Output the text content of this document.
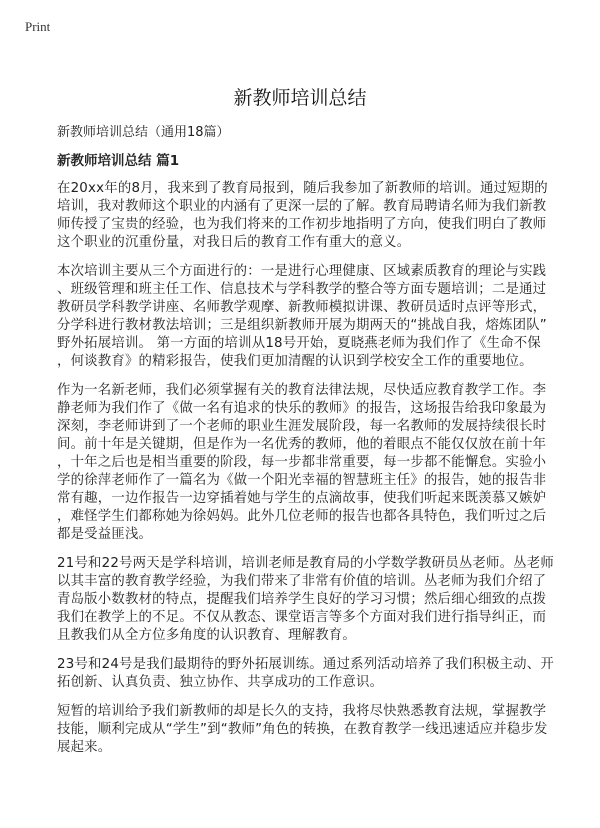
Print
新教师培训总结
新教师培训总结（通用18篇）
新教师培训总结 篇1
在20xx年的8月，我来到了教育局报到，随后我参加了新教师的培训。通过短期的
培训，我对教师这个职业的内涵有了更深一层的了解。教育局聘请名师为我们新教
师传授了宝贵的经验，也为我们将来的工作初步地指明了方向，使我们明白了教师
这个职业的沉重份量，对我日后的教育工作有重大的意义。
本次培训主要从三个方面进行的：一是进行心理健康、区域素质教育的理论与实践
、班级管理和班主任工作、信息技术与学科教学的整合等方面专题培训；二是通过
教研员学科教学讲座、名师教学观摩、新教师模拟讲课、教研员适时点评等形式，
分学科进行教材教法培训；三是组织新教师开展为期两天的“挑战自我，熔炼团队”
野外拓展培训。 第一方面的培训从18号开始，夏晓燕老师为我们作了《生命不保
，何谈教育》的精彩报告，使我们更加清醒的认识到学校安全工作的重要地位。
作为一名新老师，我们必须掌握有关的教育法律法规，尽快适应教育教学工作。李
静老师为我们作了《做一名有追求的快乐的教师》的报告，这场报告给我印象最为
深刻，李老师讲到了一个老师的职业生涯发展阶段，每一名教师的发展持续很长时
间。前十年是关键期，但是作为一名优秀的教师，他的着眼点不能仅仅放在前十年
，十年之后也是相当重要的阶段，每一步都非常重要，每一步都不能懈怠。实验小
学的徐萍老师作了一篇名为《做一个阳光幸福的智慧班主任》的报告，她的报告非
常有趣，一边作报告一边穿插着她与学生的点滴故事，使我们听起来既羡慕又嫉妒
，难怪学生们都称她为徐妈妈。此外几位老师的报告也都各具特色，我们听过之后
都是受益匪浅。
21号和22号两天是学科培训，培训老师是教育局的小学数学教研员丛老师。丛老师
以其丰富的教育教学经验，为我们带来了非常有价值的培训。丛老师为我们介绍了
青岛版小数教材的特点，提醒我们培养学生良好的学习习惯；然后细心细致的点拨
我们在教学上的不足。不仅从教态、课堂语言等多个方面对我们进行指导纠正，而
且教我们从全方位多角度的认识教育、理解教育。
23号和24号是我们最期待的野外拓展训练。通过系列活动培养了我们积极主动、开
拓创新、认真负责、独立协作、共享成功的工作意识。
短暂的培训给予我们新教师的却是长久的支持，我将尽快熟悉教育法规，掌握教学
技能，顺利完成从“学生”到“教师”角色的转换，在教育教学一线迅速适应并稳步发
展起来。
